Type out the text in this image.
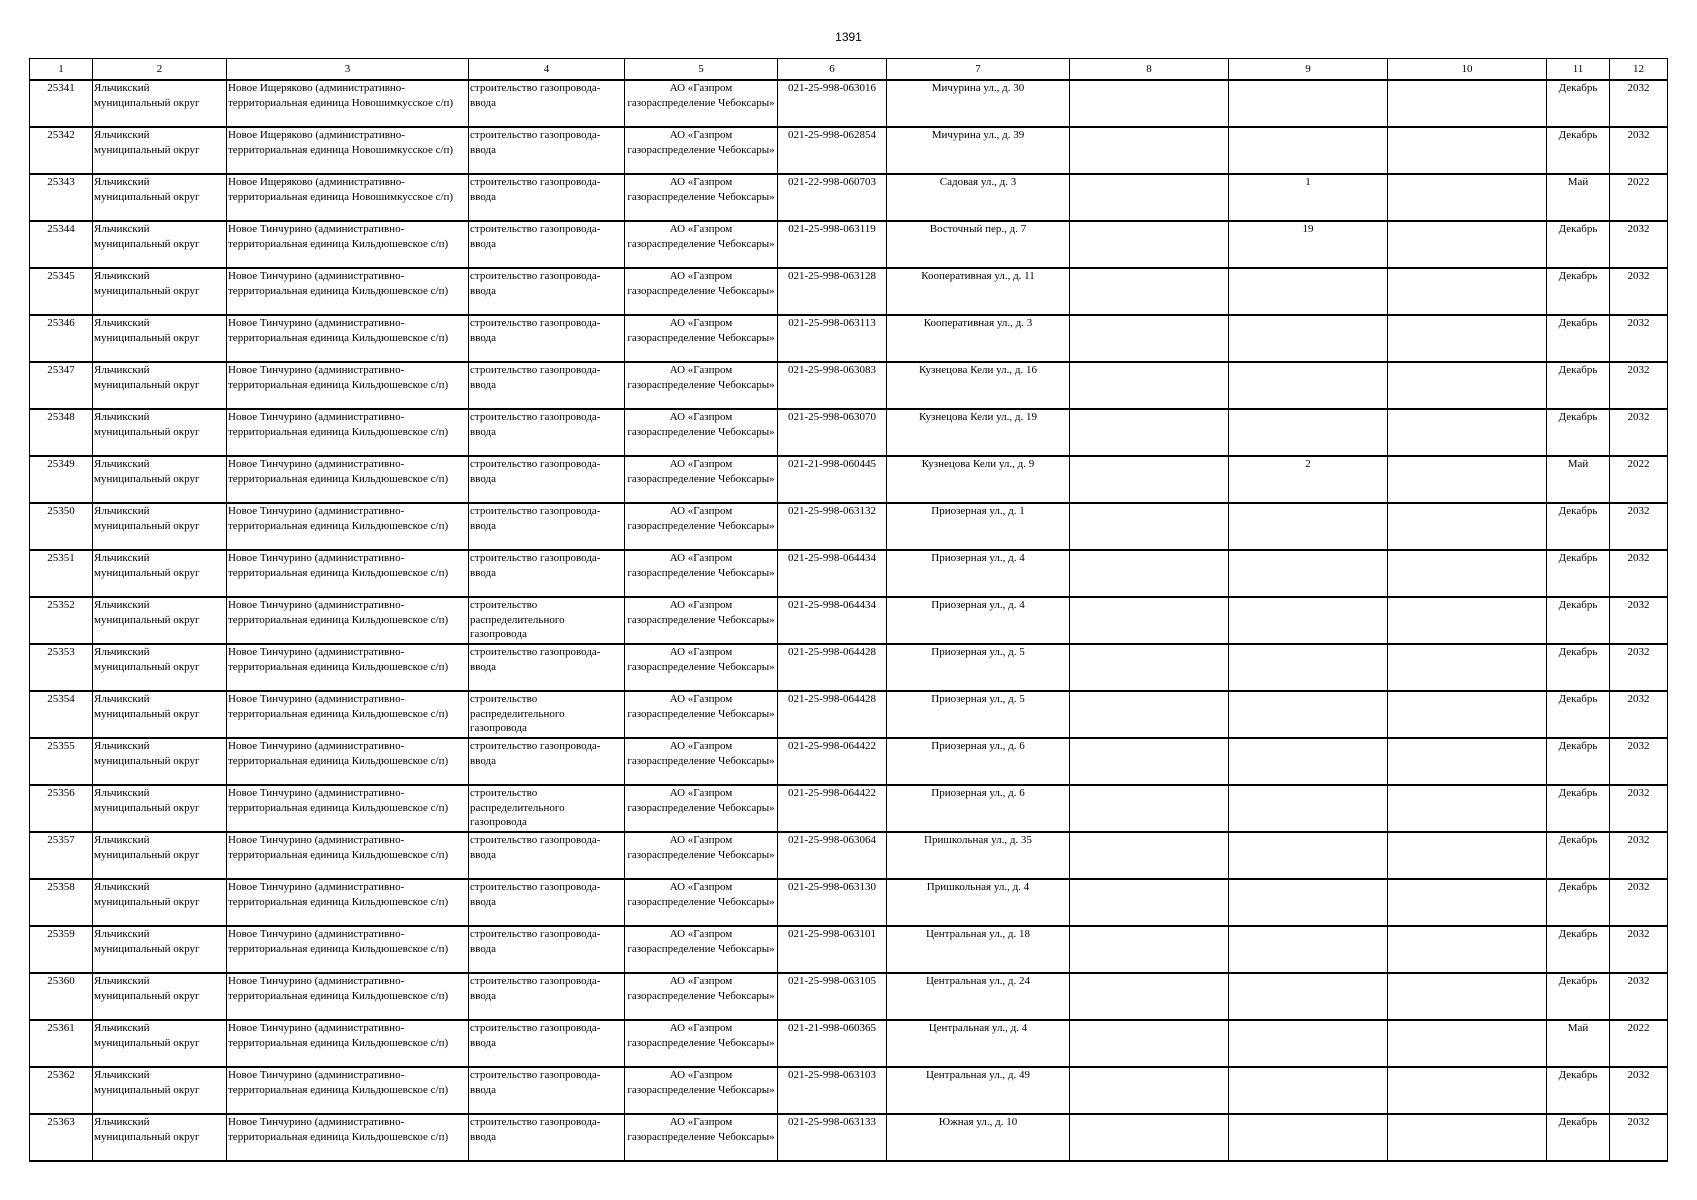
1391
1	2	3	4	5	6	7	8	9	10	11	12

25341	Яльчикский муниципальный округ	Новое Ищеряково (административно-территориальная единица Новошимкусское с/п)	строительство газопровода-ввода	АО «Газпром газораспределение Чебоксары»	021-25-998-063016	Мичурина ул., д. 30				Декабрь	2032

25342	Яльчикский муниципальный округ	Новое Ищеряково (административно-территориальная единица Новошимкусское с/п)	строительство газопровода-ввода	АО «Газпром газораспределение Чебоксары»	021-25-998-062854	Мичурина ул., д. 39				Декабрь	2032

25343	Яльчикский муниципальный округ	Новое Ищеряково (административно-территориальная единица Новошимкусское с/п)	строительство газопровода-ввода	АО «Газпром газораспределение Чебоксары»	021-22-998-060703	Садовая ул., д. 3		1		Май	2022

25344	Яльчикский муниципальный округ	Новое Тинчурино (административно-территориальная единица Кильдюшевское с/п)	строительство газопровода-ввода	АО «Газпром газораспределение Чебоксары»	021-25-998-063119	Восточный пер., д. 7		19		Декабрь	2032

25345	Яльчикский муниципальный округ	Новое Тинчурино (административно-территориальная единица Кильдюшевское с/п)	строительство газопровода-ввода	АО «Газпром газораспределение Чебоксары»	021-25-998-063128	Кооперативная ул., д. 11				Декабрь	2032

25346	Яльчикский муниципальный округ	Новое Тинчурино (административно-территориальная единица Кильдюшевское с/п)	строительство газопровода-ввода	АО «Газпром газораспределение Чебоксары»	021-25-998-063113	Кооперативная ул., д. 3				Декабрь	2032

25347	Яльчикский муниципальный округ	Новое Тинчурино (административно-территориальная единица Кильдюшевское с/п)	строительство газопровода-ввода	АО «Газпром газораспределение Чебоксары»	021-25-998-063083	Кузнецова Кели ул., д. 16				Декабрь	2032

25348	Яльчикский муниципальный округ	Новое Тинчурино (административно-территориальная единица Кильдюшевское с/п)	строительство газопровода-ввода	АО «Газпром газораспределение Чебоксары»	021-25-998-063070	Кузнецова Кели ул., д. 19				Декабрь	2032

25349	Яльчикский муниципальный округ	Новое Тинчурино (административно-территориальная единица Кильдюшевское с/п)	строительство газопровода-ввода	АО «Газпром газораспределение Чебоксары»	021-21-998-060445	Кузнецова Кели ул., д. 9		2		Май	2022

25350	Яльчикский муниципальный округ	Новое Тинчурино (административно-территориальная единица Кильдюшевское с/п)	строительство газопровода-ввода	АО «Газпром газораспределение Чебоксары»	021-25-998-063132	Приозерная ул., д. 1				Декабрь	2032

25351	Яльчикский муниципальный округ	Новое Тинчурино (административно-территориальная единица Кильдюшевское с/п)	строительство газопровода-ввода	АО «Газпром газораспределение Чебоксары»	021-25-998-064434	Приозерная ул., д. 4				Декабрь	2032

25352	Яльчикский муниципальный округ	Новое Тинчурино (административно-территориальная единица Кильдюшевское с/п)	строительство распределительного газопровода	АО «Газпром газораспределение Чебоксары»	021-25-998-064434	Приозерная ул., д. 4				Декабрь	2032

25353	Яльчикский муниципальный округ	Новое Тинчурино (административно-территориальная единица Кильдюшевское с/п)	строительство газопровода-ввода	АО «Газпром газораспределение Чебоксары»	021-25-998-064428	Приозерная ул., д. 5				Декабрь	2032

25354	Яльчикский муниципальный округ	Новое Тинчурино (административно-территориальная единица Кильдюшевское с/п)	строительство распределительного газопровода	АО «Газпром газораспределение Чебоксары»	021-25-998-064428	Приозерная ул., д. 5				Декабрь	2032

25355	Яльчикский муниципальный округ	Новое Тинчурино (административно-территориальная единица Кильдюшевское с/п)	строительство газопровода-ввода	АО «Газпром газораспределение Чебоксары»	021-25-998-064422	Приозерная ул., д. 6				Декабрь	2032

25356	Яльчикский муниципальный округ	Новое Тинчурино (административно-территориальная единица Кильдюшевское с/п)	строительство распределительного газопровода	АО «Газпром газораспределение Чебоксары»	021-25-998-064422	Приозерная ул., д. 6				Декабрь	2032

25357	Яльчикский муниципальный округ	Новое Тинчурино (административно-территориальная единица Кильдюшевское с/п)	строительство газопровода-ввода	АО «Газпром газораспределение Чебоксары»	021-25-998-063064	Пришкольная ул., д. 35				Декабрь	2032

25358	Яльчикский муниципальный округ	Новое Тинчурино (административно-территориальная единица Кильдюшевское с/п)	строительство газопровода-ввода	АО «Газпром газораспределение Чебоксары»	021-25-998-063130	Пришкольная ул., д. 4				Декабрь	2032

25359	Яльчикский муниципальный округ	Новое Тинчурино (административно-территориальная единица Кильдюшевское с/п)	строительство газопровода-ввода	АО «Газпром газораспределение Чебоксары»	021-25-998-063101	Центральная ул., д. 18				Декабрь	2032

25360	Яльчикский муниципальный округ	Новое Тинчурино (административно-территориальная единица Кильдюшевское с/п)	строительство газопровода-ввода	АО «Газпром газораспределение Чебоксары»	021-25-998-063105	Центральная ул., д. 24				Декабрь	2032

25361	Яльчикский муниципальный округ	Новое Тинчурино (административно-территориальная единица Кильдюшевское с/п)	строительство газопровода-ввода	АО «Газпром газораспределение Чебоксары»	021-21-998-060365	Центральная ул., д. 4				Май	2022

25362	Яльчикский муниципальный округ	Новое Тинчурино (административно-территориальная единица Кильдюшевское с/п)	строительство газопровода-ввода	АО «Газпром газораспределение Чебоксары»	021-25-998-063103	Центральная ул., д. 49				Декабрь	2032

25363	Яльчикский муниципальный округ	Новое Тинчурино (административно-территориальная единица Кильдюшевское с/п)	строительство газопровода-ввода	АО «Газпром газораспределение Чебоксары»	021-25-998-063133	Южная ул., д. 10				Декабрь	2032
